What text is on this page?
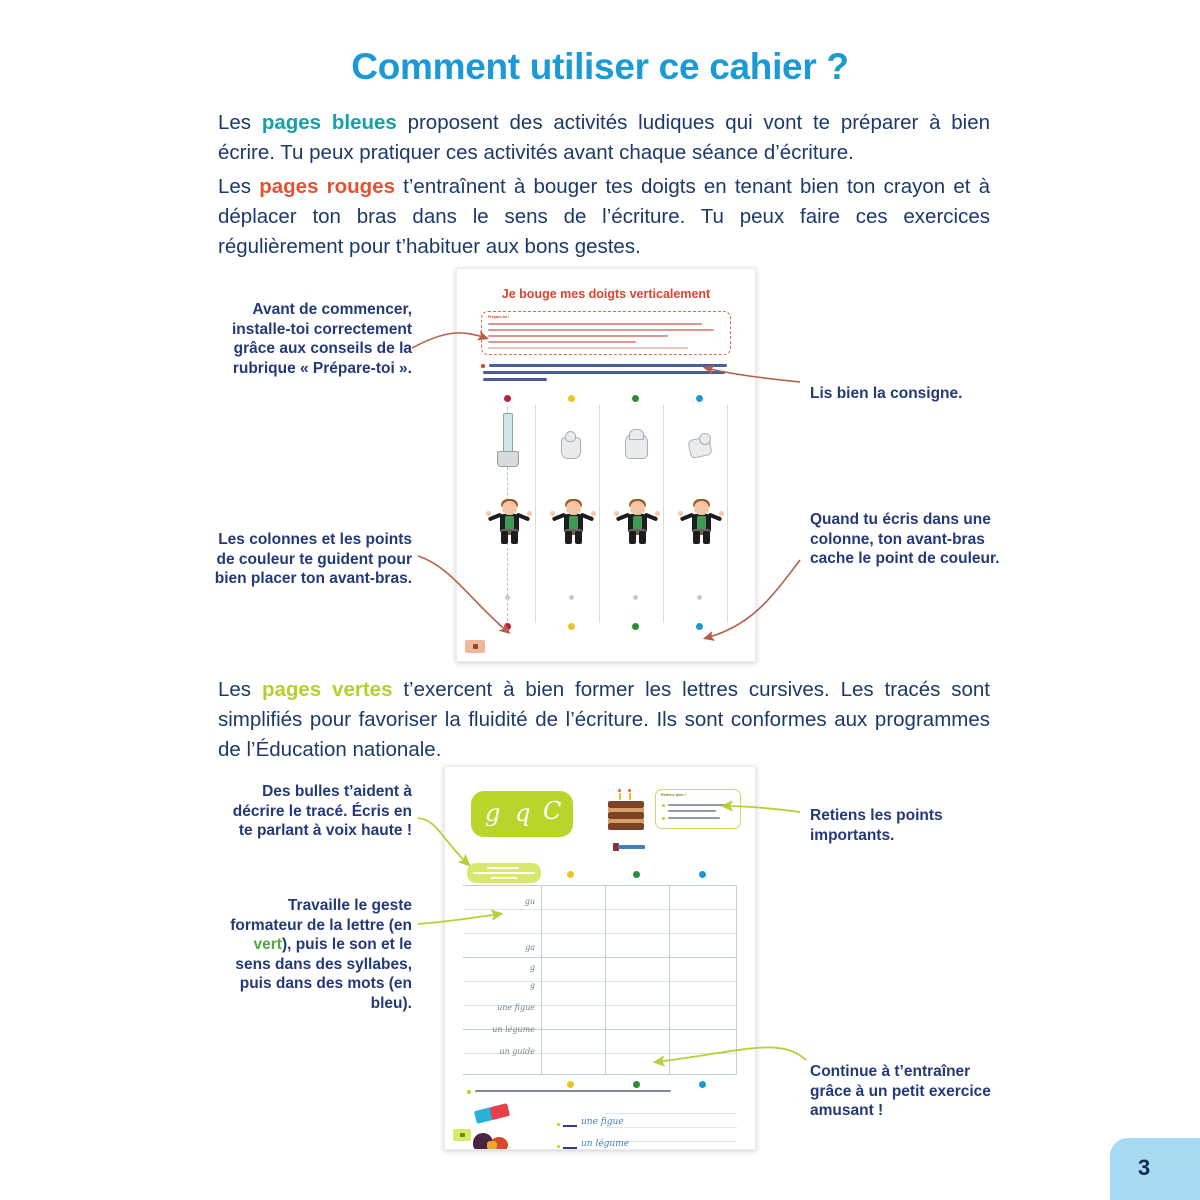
Comment utiliser ce cahier ?
Les pages bleues proposent des activités ludiques qui vont te préparer à bien écrire. Tu peux pratiquer ces activités avant chaque séance d’écriture.
Les pages rouges t’entraînent à bouger tes doigts en tenant bien ton crayon et à déplacer ton bras dans le sens de l’écriture. Tu peux faire ces exercices régulièrement pour t’habituer aux bons gestes.
Les pages vertes t’exercent à bien former les lettres cursives. Les tracés sont simplifiés pour favoriser la fluidité de l’écriture. Ils sont conformes aux programmes de l’Éducation nationale.
Je bouge mes doigts verticalement
Prépare-toi !
g q C
Retiens bien !
gu
ga
g
g
une figue
un légume
un guide
une figue
un légume
Avant de commencer, installe-toi correctement grâce aux conseils de la rubrique « Prépare-toi ».
Lis bien la consigne.
Les colonnes et les points de couleur te guident pour bien placer ton avant-bras.
Quand tu écris dans une colonne, ton avant-bras cache le point de couleur.
Des bulles t’aident à décrire le tracé. Écris en te parlant à voix haute !
Retiens les points importants.
Travaille le geste formateur de la lettre (en vert), puis le son et le sens dans des syllabes, puis dans des mots (en bleu).
Continue à t’entraîner grâce à un petit exercice amusant !
3
